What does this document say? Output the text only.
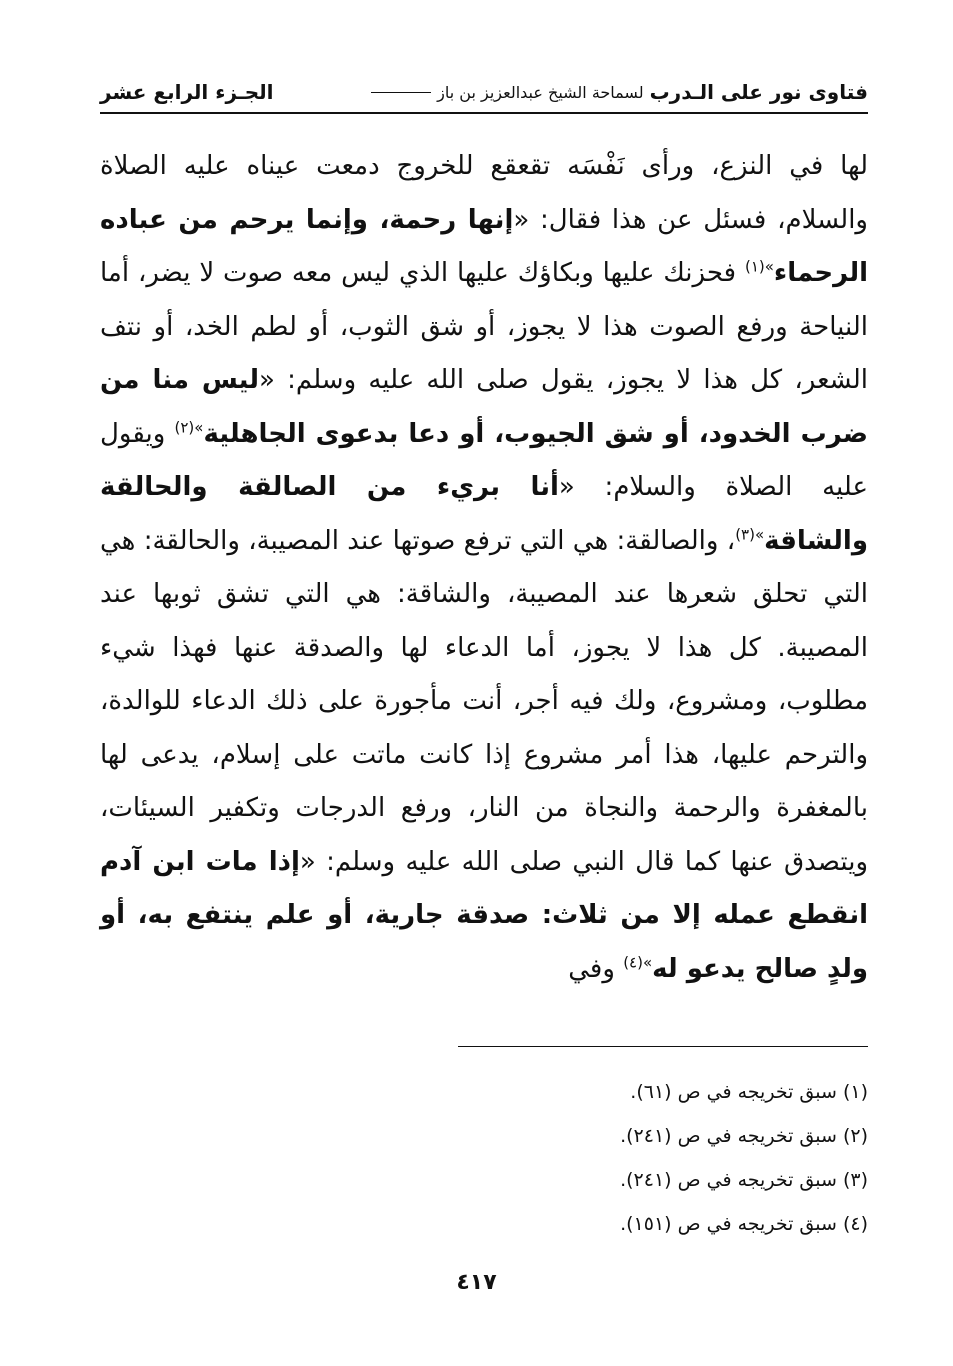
فتاوى نور على الـدرب
لسماحة الشيخ عبدالعزيز بن باز
الجـزء الرابع عشر

لها في النزع، ورأى نَفْسَه تقعقع للخروج دمعت عيناه عليه الصلاة والسلام، فسئل عن هذا فقال: «إنها رحمة، وإنما يرحم من عباده الرحماء$^{»(١)}$ فحزنك عليها وبكاؤك عليها الذي ليس معه صوت لا يضر، أما النياحة ورفع الصوت هذا لا يجوز، أو شق الثوب، أو لطم الخد، أو نتف الشعر، كل هذا لا يجوز، يقول صلى الله عليه وسلم: «ليس منا من ضرب الخدود، أو شق الجيوب، أو دعا بدعوى الجاهلية$^{»(٢)}$ ويقول عليه الصلاة والسلام: «أنا بريء من الصالقة والحالقة والشاقة$^{»(٣)}$، والصالقة: هي التي ترفع صوتها عند المصيبة، والحالقة: هي التي تحلق شعرها عند المصيبة، والشاقة: هي التي تشق ثوبها عند المصيبة. كل هذا لا يجوز، أما الدعاء لها والصدقة عنها فهذا شيء مطلوب، ومشروع، ولك فيه أجر، أنت مأجورة على ذلك الدعاء للوالدة، والترحم عليها، هذا أمر مشروع إذا كانت ماتت على إسلام، يدعى لها بالمغفرة والرحمة والنجاة من النار، ورفع الدرجات وتكفير السيئات، ويتصدق عنها كما قال النبي صلى الله عليه وسلم: «إذا مات ابن آدم انقطع عمله إلا من ثلاث: صدقة جارية، أو علم ينتفع به، أو ولدٍ صالح يدعو له$^{»(٤)}$ وفي

(١) سبق تخريجه في ص (٦١).
(٢) سبق تخريجه في ص (٢٤١).
(٣) سبق تخريجه في ص (٢٤١).
(٤) سبق تخريجه في ص (١٥١).
٤١٧
